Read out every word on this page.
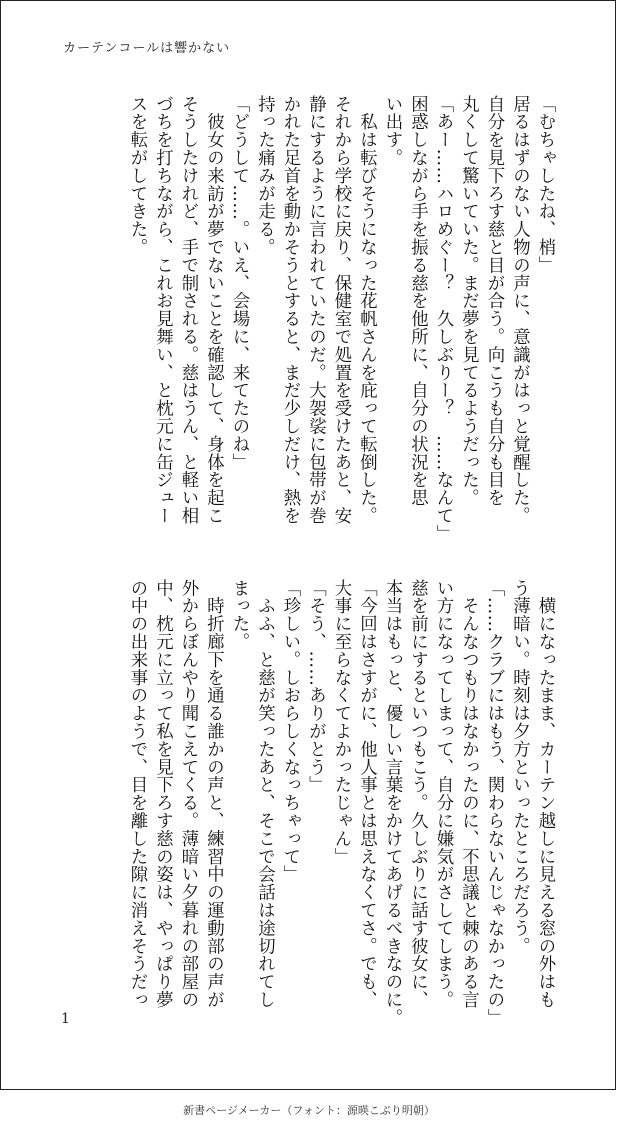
カーテンコールは響かない

「むちゃしたね、梢」

居るはずのない人物の声に、意識がはっと覚醒した。

自分を見下ろす慈と目が合う。向こうも自分も目を

丸くして驚いていた。まだ夢を見てるようだった。

「あー……ハロめぐー？　久しぶりー？　……なんて」

困惑しながら手を振る慈を他所に、自分の状況を思

い出す。

　私は転びそうになった花帆さんを庇って転倒した。

それから学校に戻り、保健室で処置を受けたあと、安

静にするように言われていたのだ。大袈裟に包帯が巻

かれた足首を動かそうとすると、まだ少しだけ、熱を

持った痛みが走る。

「どうして……。いえ、会場に、来てたのね」

　彼女の来訪が夢でないことを確認して、身体を起こ

そうしたけれど、手で制される。慈はうん、と軽い相

づちを打ちながら、これお見舞い、と枕元に缶ジュー

スを転がしてきた。

　横になったまま、カーテン越しに見える窓の外はも

う薄暗い。時刻は夕方といったところだろう。

「……クラブにはもう、関わらないんじゃなかったの」

　そんなつもりはなかったのに、不思議と棘のある言

い方になってしまって、自分に嫌気がさしてしまう。

慈を前にするといつもこう。久しぶりに話す彼女に、

本当はもっと、優しい言葉をかけてあげるべきなのに。

「今回はさすがに、他人事とは思えなくてさ。でも、

大事に至らなくてよかったじゃん」

「そう、……ありがとう」

「珍しい。しおらしくなっちゃって」

　ふふ、と慈が笑ったあと、そこで会話は途切れてし

まった。

　時折廊下を通る誰かの声と、練習中の運動部の声が

外からぼんやり聞こえてくる。薄暗い夕暮れの部屋の

中、枕元に立って私を見下ろす慈の姿は、やっぱり夢

の中の出来事のようで、目を離した隙に消えそうだっ

1
新書ページメーカー（フォント：源暎こぶり明朝）
